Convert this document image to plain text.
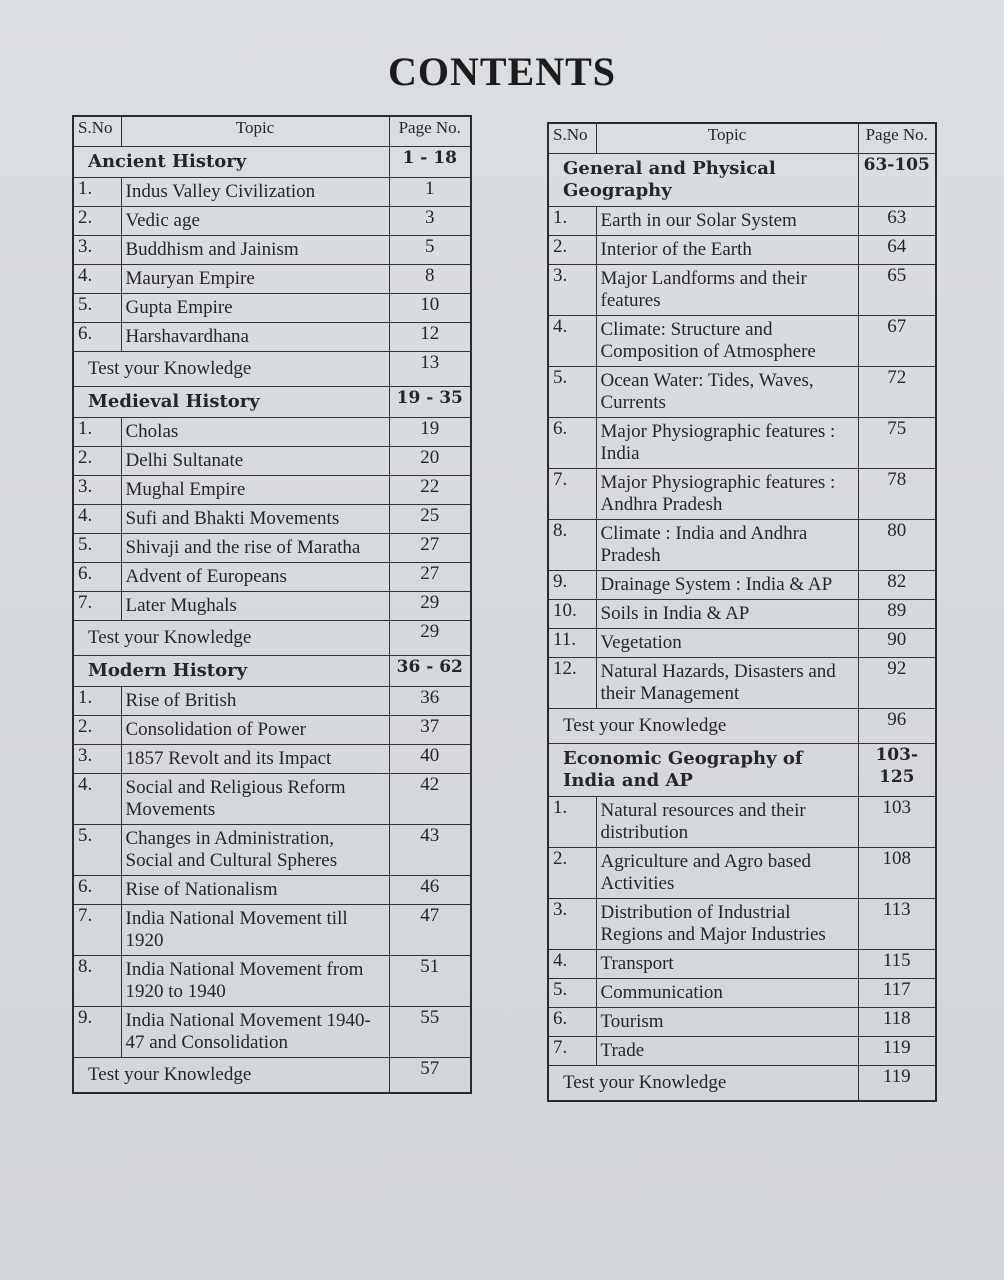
CONTENTS
S.No	Topic	Page No.
Ancient History		1 - 18
1.	Indus Valley Civilization	1
2.	Vedic age	3
3.	Buddhism and Jainism	5
4.	Mauryan Empire	8
5.	Gupta Empire	10
6.	Harshavardhana	12
Test your Knowledge		13
Medieval History		19 - 35
1.	Cholas	19
2.	Delhi Sultanate	20
3.	Mughal Empire	22
4.	Sufi and Bhakti Movements	25
5.	Shivaji and the rise of Maratha	27
6.	Advent of Europeans	27
7.	Later Mughals	29
Test your Knowledge		29
Modern History		36 - 62
1.	Rise of British	36
2.	Consolidation of Power	37
3.	1857 Revolt and its Impact	40
4.	Social and Religious Reform Movements	42
5.	Changes in Administration, Social and Cultural Spheres	43
6.	Rise of Nationalism	46
7.	India National Movement till 1920	47
8.	India National Movement from 1920 to 1940	51
9.	India National Movement 1940-47 and Consolidation	55
Test your Knowledge		57
S.No	Topic	Page No.
General and Physical Geography		63-105
1.	Earth in our Solar System	63
2.	Interior of the Earth	64
3.	Major Landforms and their features	65
4.	Climate: Structure and Composition of Atmosphere	67
5.	Ocean Water: Tides, Waves, Currents	72
6.	Major Physiographic features : India	75
7.	Major Physiographic features : Andhra Pradesh	78
8.	Climate : India and Andhra Pradesh	80
9.	Drainage System : India & AP	82
10.	Soils in India & AP	89
11.	Vegetation	90
12.	Natural Hazards, Disasters and their Management	92
Test your Knowledge		96
Economic Geography of India and AP		103-125
1.	Natural resources and their distribution	103
2.	Agriculture and Agro based Activities	108
3.	Distribution of Industrial Regions and Major Industries	113
4.	Transport	115
5.	Communication	117
6.	Tourism	118
7.	Trade	119
Test your Knowledge		119
